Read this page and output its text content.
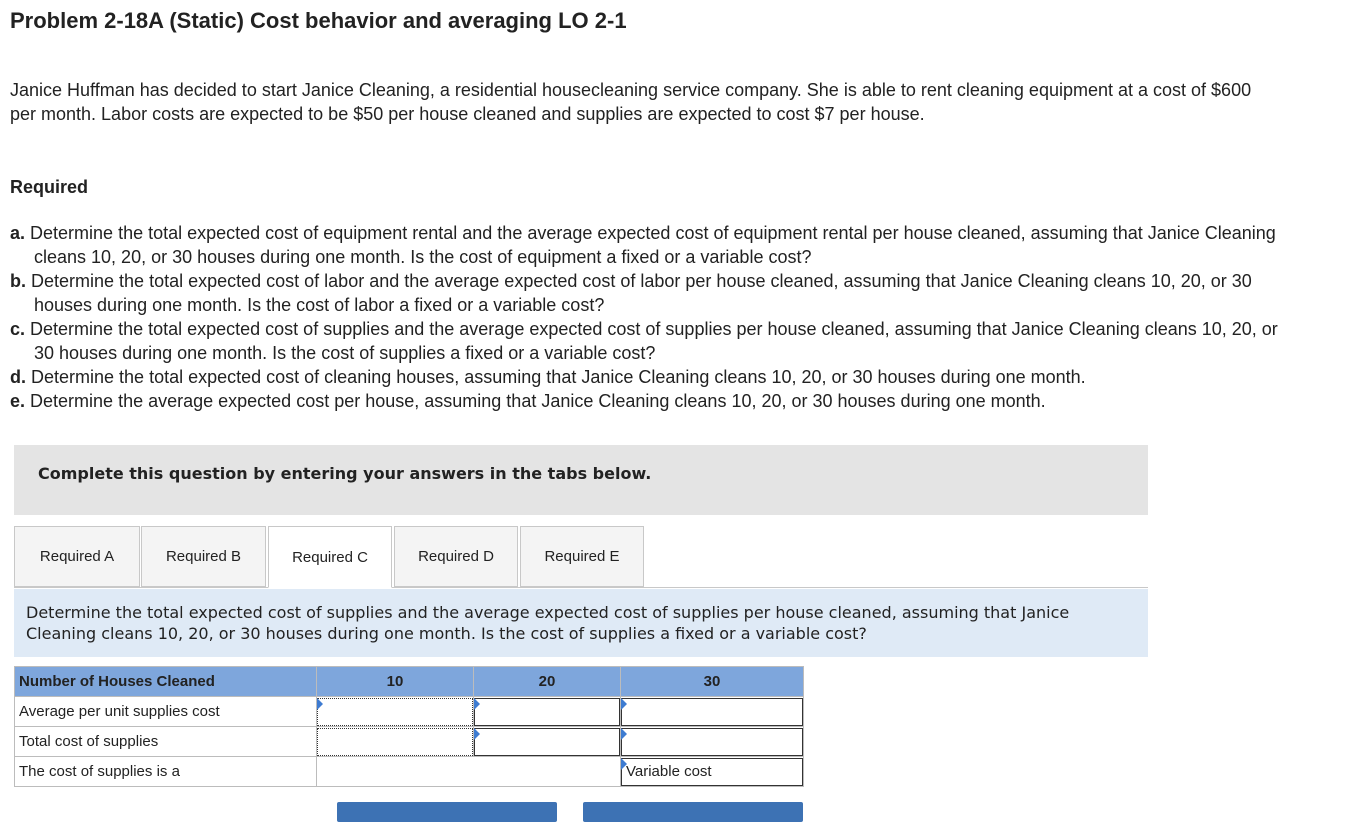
Problem 2-18A (Static) Cost behavior and averaging LO 2-1

Janice Huffman has decided to start Janice Cleaning, a residential housecleaning service company. She is able to rent cleaning equipment at a cost of $600 per month. Labor costs are expected to be $50 per house cleaned and supplies are expected to cost $7 per house.

Required
a. Determine the total expected cost of equipment rental and the average expected cost of equipment rental per house cleaned, assuming that Janice Cleaning cleans 10, 20, or 30 houses during one month. Is the cost of equipment a fixed or a variable cost?
b. Determine the total expected cost of labor and the average expected cost of labor per house cleaned, assuming that Janice Cleaning cleans 10, 20, or 30 houses during one month. Is the cost of labor a fixed or a variable cost?
c. Determine the total expected cost of supplies and the average expected cost of supplies per house cleaned, assuming that Janice Cleaning cleans 10, 20, or 30 houses during one month. Is the cost of supplies a fixed or a variable cost?
d. Determine the total expected cost of cleaning houses, assuming that Janice Cleaning cleans 10, 20, or 30 houses during one month.
e. Determine the average expected cost per house, assuming that Janice Cleaning cleans 10, 20, or 30 houses during one month.
Complete this question by entering your answers in the tabs below.
Required A	Required B	Required C	Required D	Required E
Determine the total expected cost of supplies and the average expected cost of supplies per house cleaned, assuming that Janice Cleaning cleans 10, 20, or 30 houses during one month. Is the cost of supplies a fixed or a variable cost?
Number of Houses Cleaned	10	20	30
Average per unit supplies cost	

Total cost of supplies	

The cost of supplies is a			Variable cost
